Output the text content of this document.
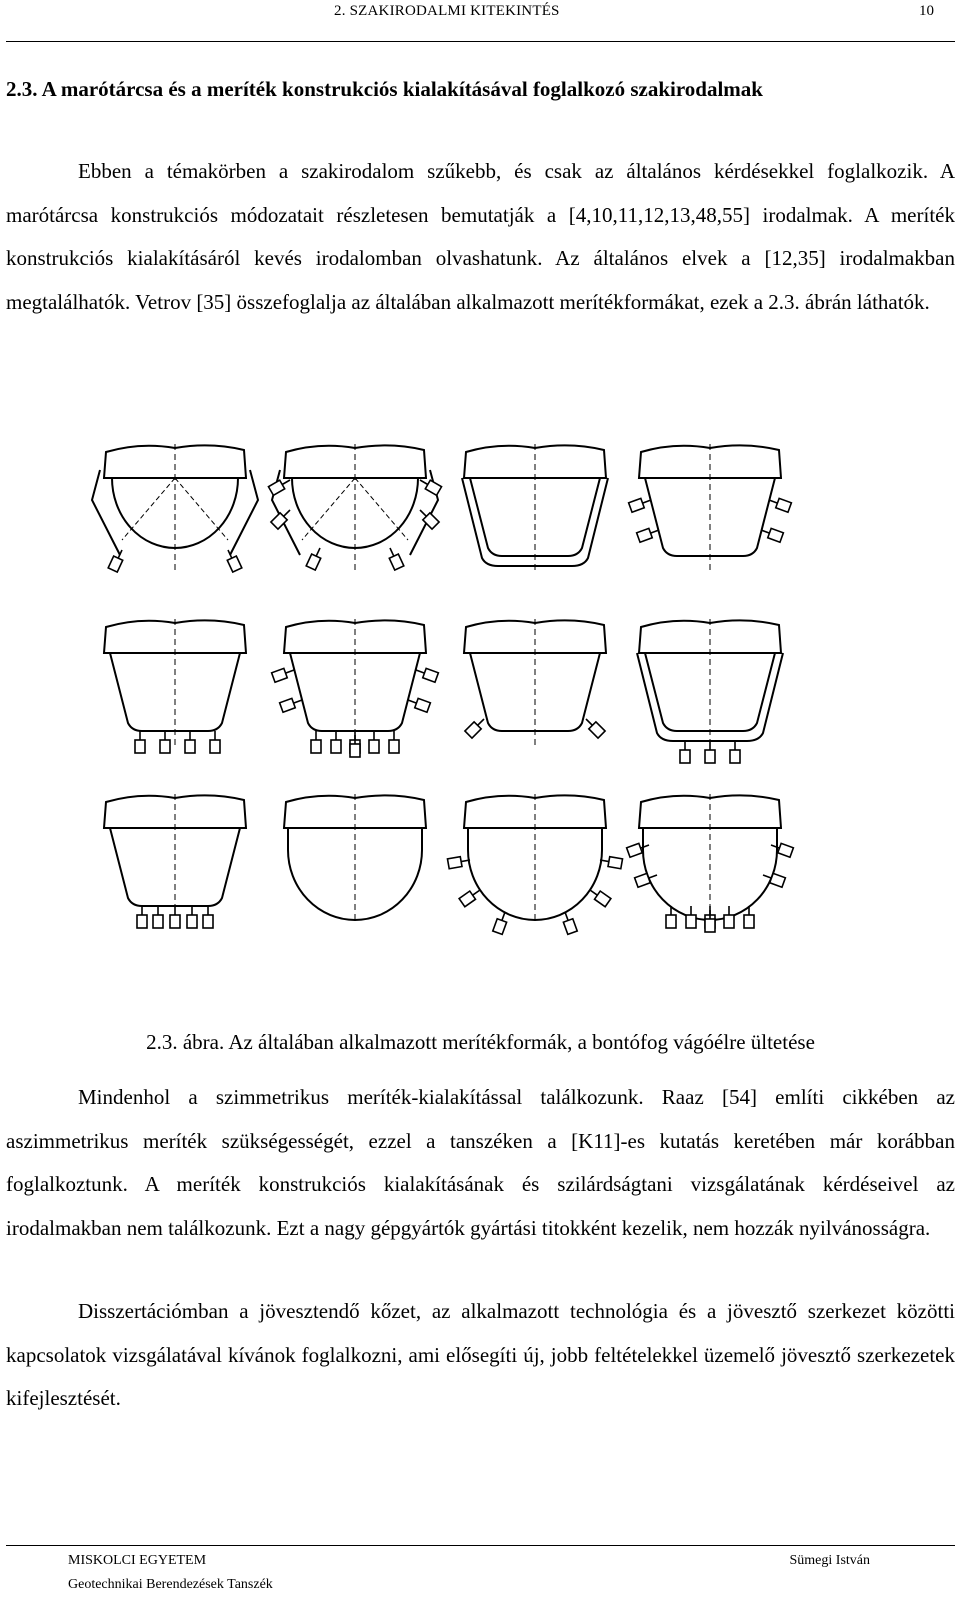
2. SZAKIRODALMI KITEKINTÉS	10
2.3. A marótárcsa és a meríték konstrukciós kialakításával foglalkozó szakirodalmak

Ebben a témakörben a szakirodalom szűkebb, és csak az általános kérdésekkel foglalkozik. A marótárcsa konstrukciós módozatait részletesen bemutatják a [4,10,11,12,13,48,55] irodalmak. A meríték konstrukciós kialakításáról kevés irodalomban olvashatunk. Az általános elvek a [12,35] irodalmakban megtalálhatók. Vetrov [35] összefoglalja az általában alkalmazott merítékformákat, ezek a 2.3. ábrán láthatók.

2.3. ábra. Az általában alkalmazott merítékformák, a bontófog vágóélre ültetése

Mindenhol a szimmetrikus meríték-kialakítással találkozunk. Raaz [54] említi cikkében az aszimmetrikus meríték szükségességét, ezzel a tanszéken a [K11]-es kutatás keretében már korábban foglalkoztunk. A meríték konstrukciós kialakításának és szilárdságtani vizsgálatának kérdéseivel az irodalmakban nem találkozunk. Ezt a nagy gépgyártók gyártási titokként kezelik, nem hozzák nyilvánosságra.

Disszertációmban a jövesztendő kőzet, az alkalmazott technológia és a jövesztő szerkezet közötti kapcsolatok vizsgálatával kívánok foglalkozni, ami elősegíti új, jobb feltételekkel üzemelő jövesztő szerkezetek kifejlesztését.

MISKOLCI EGYETEM
Geotechnikai Berendezések Tanszék
Sümegi István
